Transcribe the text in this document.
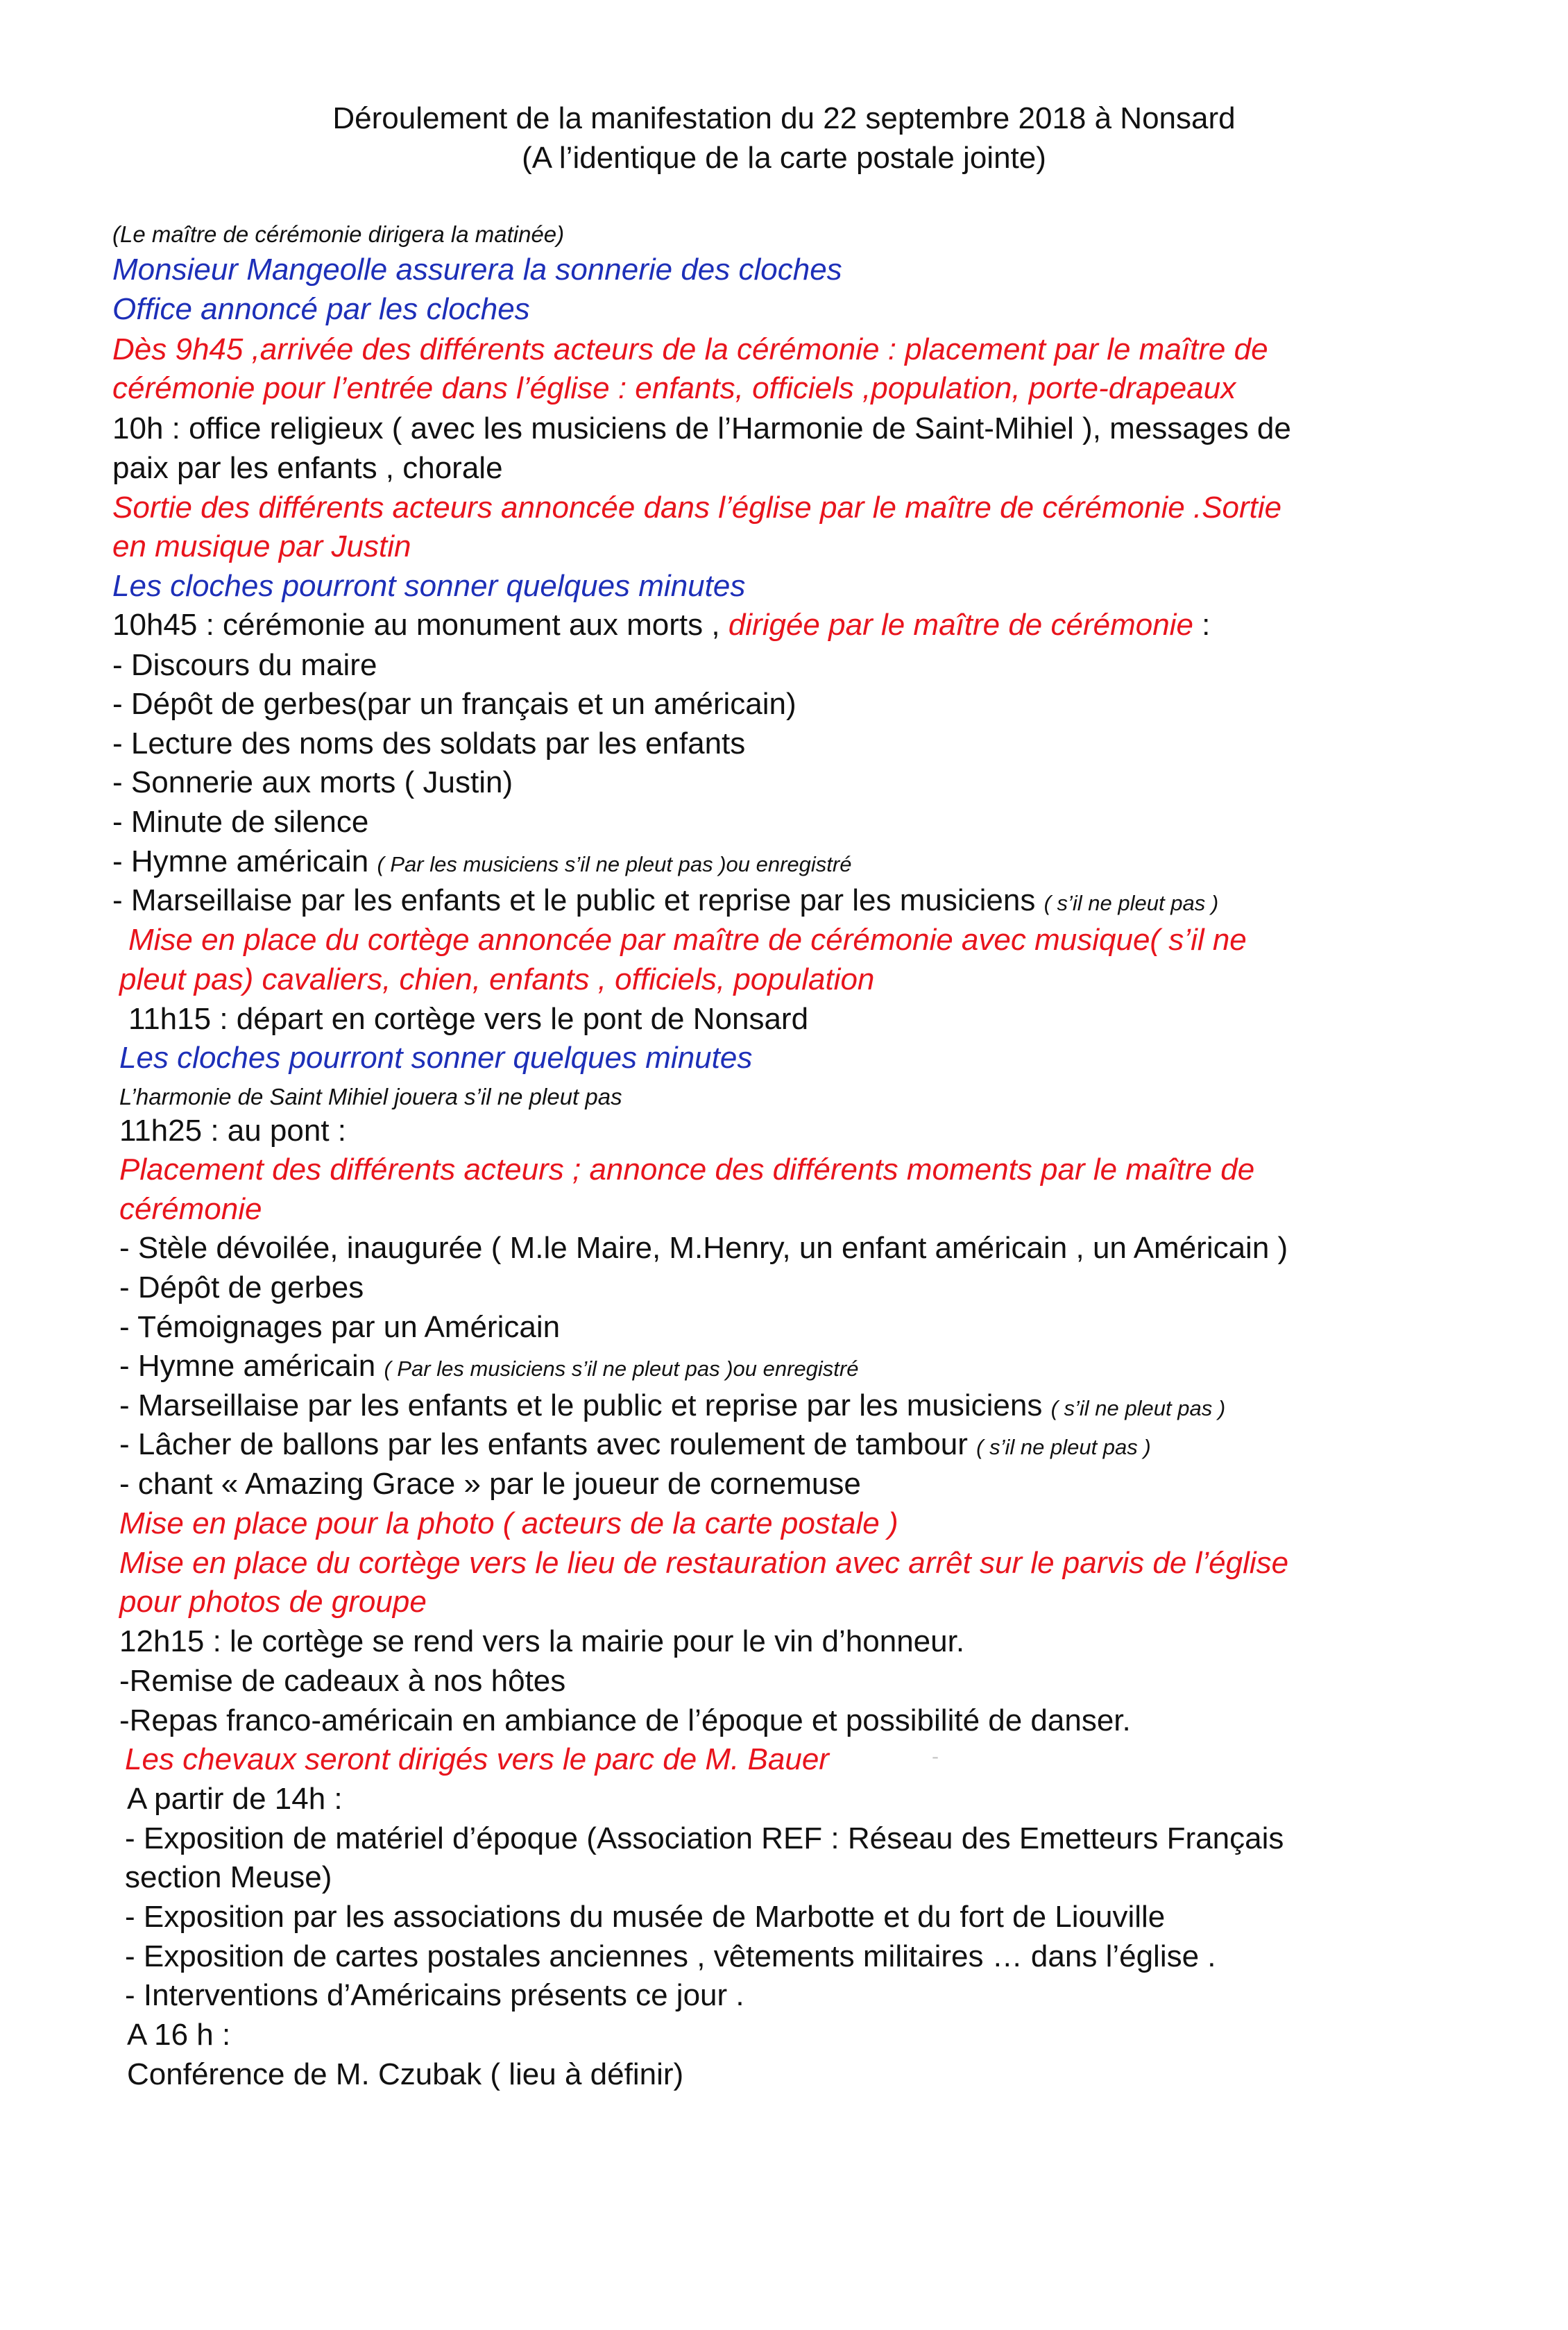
Déroulement de la manifestation du 22 septembre 2018 à Nonsard
(A l’identique de la carte postale jointe)
(Le maître de cérémonie dirigera la matinée)
Monsieur Mangeolle assurera la sonnerie des cloches
Office annoncé par les cloches
Dès 9h45 ,arrivée des différents acteurs de la cérémonie : placement par le maître de
cérémonie pour l’entrée dans l’église : enfants, officiels ,population, porte-drapeaux
10h : office religieux ( avec les musiciens de l’Harmonie de Saint-Mihiel ), messages de
paix par les enfants , chorale
Sortie des différents acteurs annoncée dans l’église par le maître de cérémonie .Sortie
en musique par Justin
Les cloches pourront sonner quelques minutes
10h45 : cérémonie au monument aux morts , dirigée par le maître de cérémonie :
- Discours du maire
- Dépôt de gerbes(par un français et un américain)
- Lecture des noms des soldats par les enfants
- Sonnerie aux morts ( Justin)
- Minute de silence
- Hymne américain ( Par les musiciens s’il ne pleut pas )ou enregistré
- Marseillaise par les enfants et le public et reprise par les musiciens ( s’il ne pleut pas )
Mise en place du cortège annoncée par maître de cérémonie avec musique( s’il ne
pleut pas) cavaliers, chien, enfants , officiels, population
11h15 : départ en cortège vers le pont de Nonsard
Les cloches pourront sonner quelques minutes
L’harmonie de Saint Mihiel jouera s’il ne pleut pas
11h25 : au pont :
Placement des différents acteurs ; annonce des différents moments par le maître de
cérémonie
- Stèle dévoilée, inaugurée ( M.le Maire, M.Henry, un enfant américain , un Américain )
- Dépôt de gerbes
- Témoignages par un Américain
- Hymne américain ( Par les musiciens s’il ne pleut pas )ou enregistré
- Marseillaise par les enfants et le public et reprise par les musiciens ( s’il ne pleut pas )
- Lâcher de ballons par les enfants avec roulement de tambour ( s’il ne pleut pas )
- chant « Amazing Grace » par le joueur de cornemuse
Mise en place pour la photo ( acteurs de la carte postale )
Mise en place du cortège vers le lieu de restauration avec arrêt sur le parvis de l’église
pour photos de groupe
12h15 : le cortège se rend vers la mairie pour le vin d’honneur.
-Remise de cadeaux à nos hôtes
-Repas franco-américain en ambiance de l’époque et possibilité de danser.
Les chevaux seront dirigés vers le parc de M. Bauer	-
A partir de 14h :
- Exposition de matériel d’époque (Association REF : Réseau des Emetteurs Français
section Meuse)
- Exposition par les associations du musée de Marbotte et du fort de Liouville
- Exposition de cartes postales anciennes , vêtements militaires … dans l’église .
- Interventions d’Américains présents ce jour .
A 16 h :
Conférence de M. Czubak ( lieu à définir)
